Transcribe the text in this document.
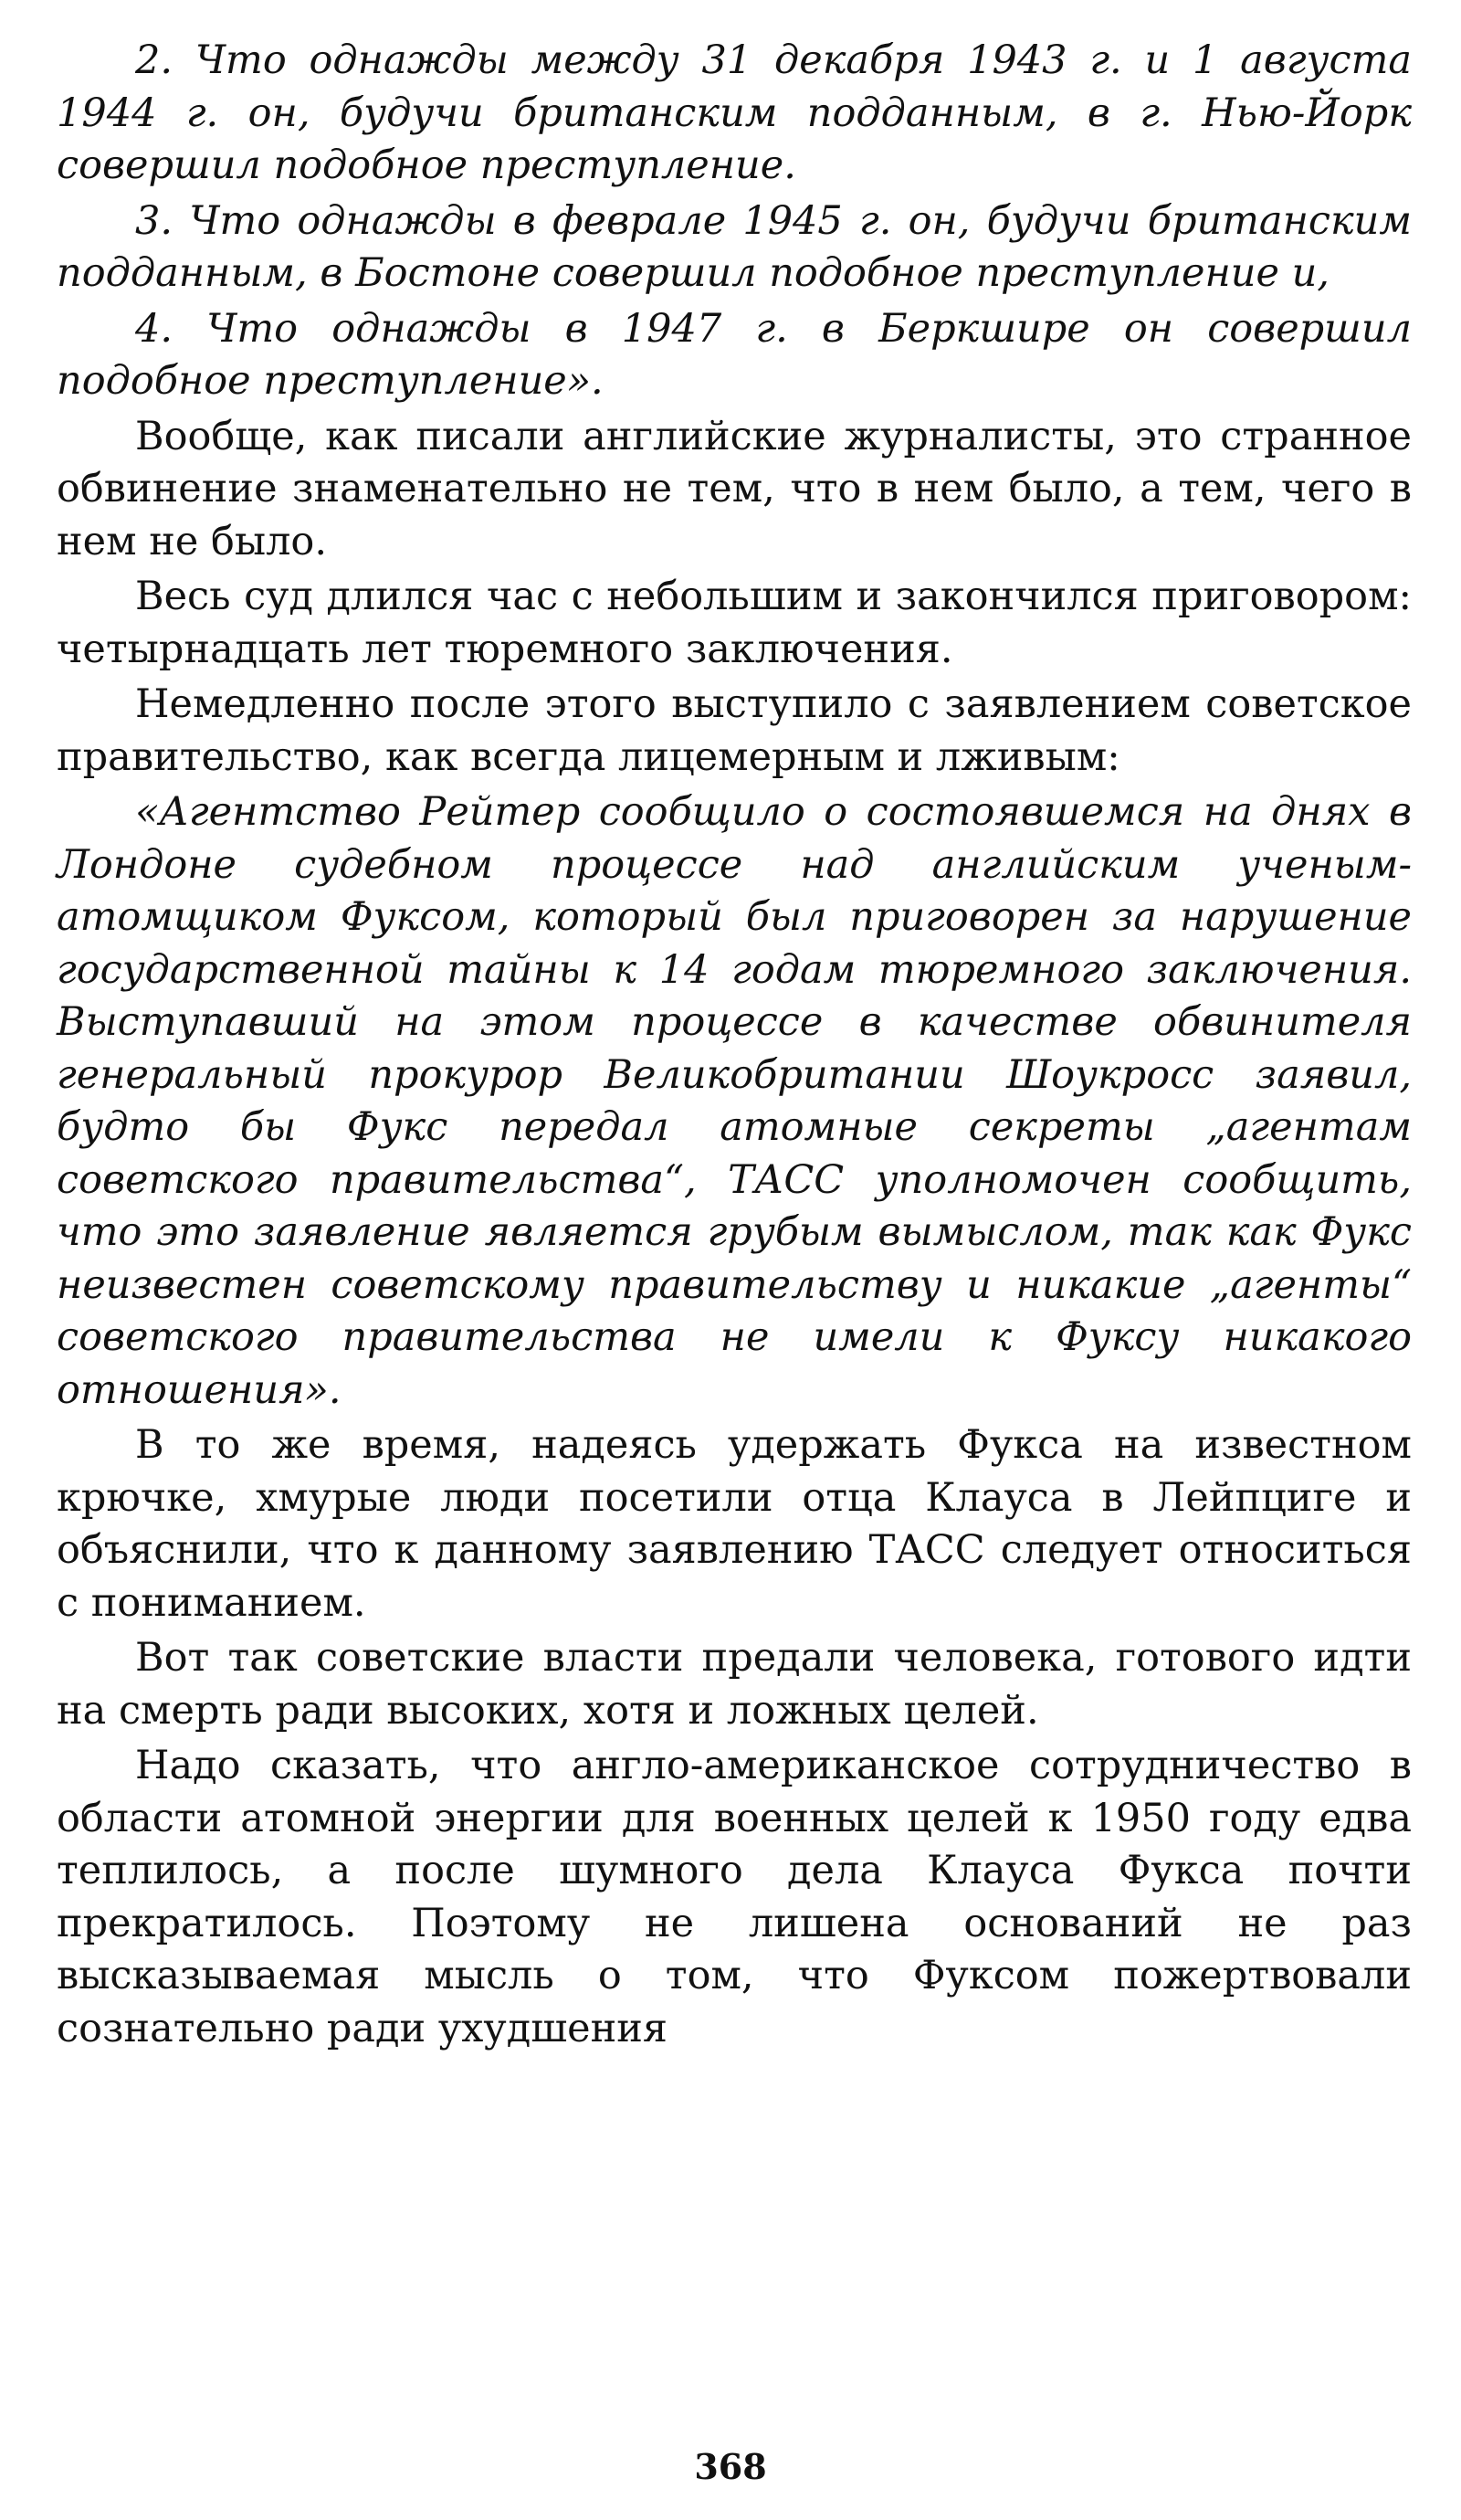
2. Что однажды между 31 декабря 1943 г. и 1 августа 1944 г. он, будучи британским подданным, в г. Нью-Йорк совершил подобное преступление.

3. Что однажды в феврале 1945 г. он, будучи британским подданным, в Бостоне совершил подобное преступление и,

4. Что однажды в 1947 г. в Беркшире он совершил подобное преступление».

Вообще, как писали английские журналисты, это странное обвинение знаменательно не тем, что в нем было, а тем, чего в нем не было.

Весь суд длился час с небольшим и закончился приговором: четырнадцать лет тюремного заключения.

Немедленно после этого выступило с заявлением советское правительство, как всегда лицемерным и лживым:

«Агентство Рейтер сообщило о состоявшемся на днях в Лондоне судебном процессе над английским ученым-атомщиком Фуксом, который был приговорен за нарушение государственной тайны к 14 годам тюремного заключения. Выступавший на этом процессе в качестве обвинителя генеральный прокурор Великобритании Шоукросс заявил, будто бы Фукс передал атомные секреты „агентам советского правительства“, ТАСС уполномочен сообщить, что это заявление является грубым вымыслом, так как Фукс неизвестен советскому правительству и никакие „агенты“ советского правительства не имели к Фуксу никакого отношения».

В то же время, надеясь удержать Фукса на известном крючке, хмурые люди посетили отца Клауса в Лейпциге и объяснили, что к данному заявлению ТАСС следует относиться с пониманием.

Вот так советские власти предали человека, готового идти на смерть ради высоких, хотя и ложных целей.

Надо сказать, что англо-американское сотрудничество в области атомной энергии для военных целей к 1950 году едва теплилось, а после шумного дела Клауса Фукса почти прекратилось. Поэтому не лишена оснований не раз высказываемая мысль о том, что Фуксом пожертвовали сознательно ради ухудшения

368
